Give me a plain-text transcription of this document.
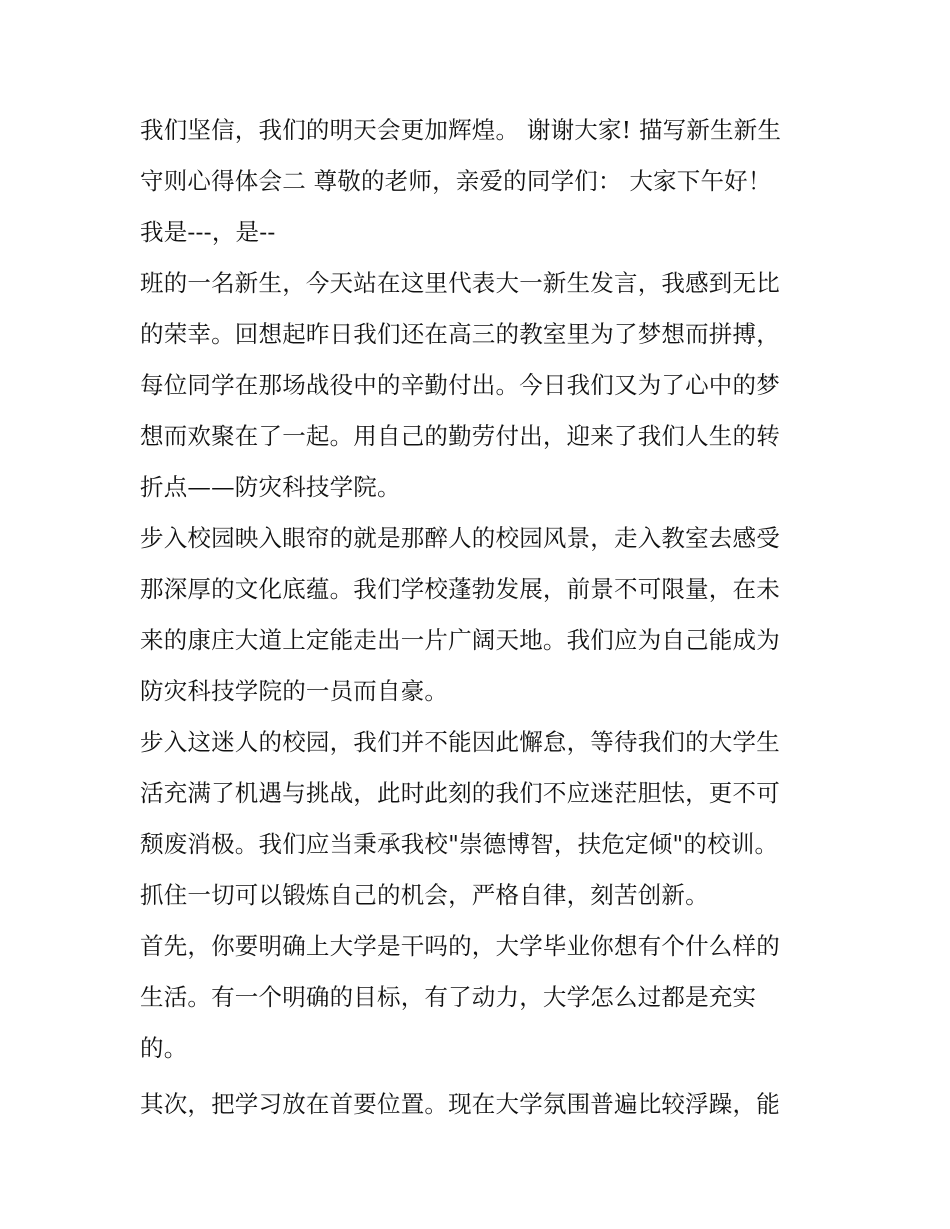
我们坚信，我们的明天会更加辉煌。 谢谢大家! 描写新生新生
守则心得体会二 尊敬的老师，亲爱的同学们： 大家下午好！
我是---，是--
班的一名新生，今天站在这里代表大一新生发言，我感到无比
的荣幸。回想起昨日我们还在高三的教室里为了梦想而拼搏，
每位同学在那场战役中的辛勤付出。今日我们又为了心中的梦
想而欢聚在了一起。用自己的勤劳付出，迎来了我们人生的转
折点——防灾科技学院。
步入校园映入眼帘的就是那醉人的校园风景，走入教室去感受
那深厚的文化底蕴。我们学校蓬勃发展，前景不可限量，在未
来的康庄大道上定能走出一片广阔天地。我们应为自己能成为
防灾科技学院的一员而自豪。
步入这迷人的校园，我们并不能因此懈怠，等待我们的大学生
活充满了机遇与挑战，此时此刻的我们不应迷茫胆怯，更不可
颓废消极。我们应当秉承我校"崇德博智，扶危定倾"的校训。
抓住一切可以锻炼自己的机会，严格自律，刻苦创新。
首先，你要明确上大学是干吗的，大学毕业你想有个什么样的
生活。有一个明确的目标，有了动力，大学怎么过都是充实
的。
其次，把学习放在首要位置。现在大学氛围普遍比较浮躁，能
